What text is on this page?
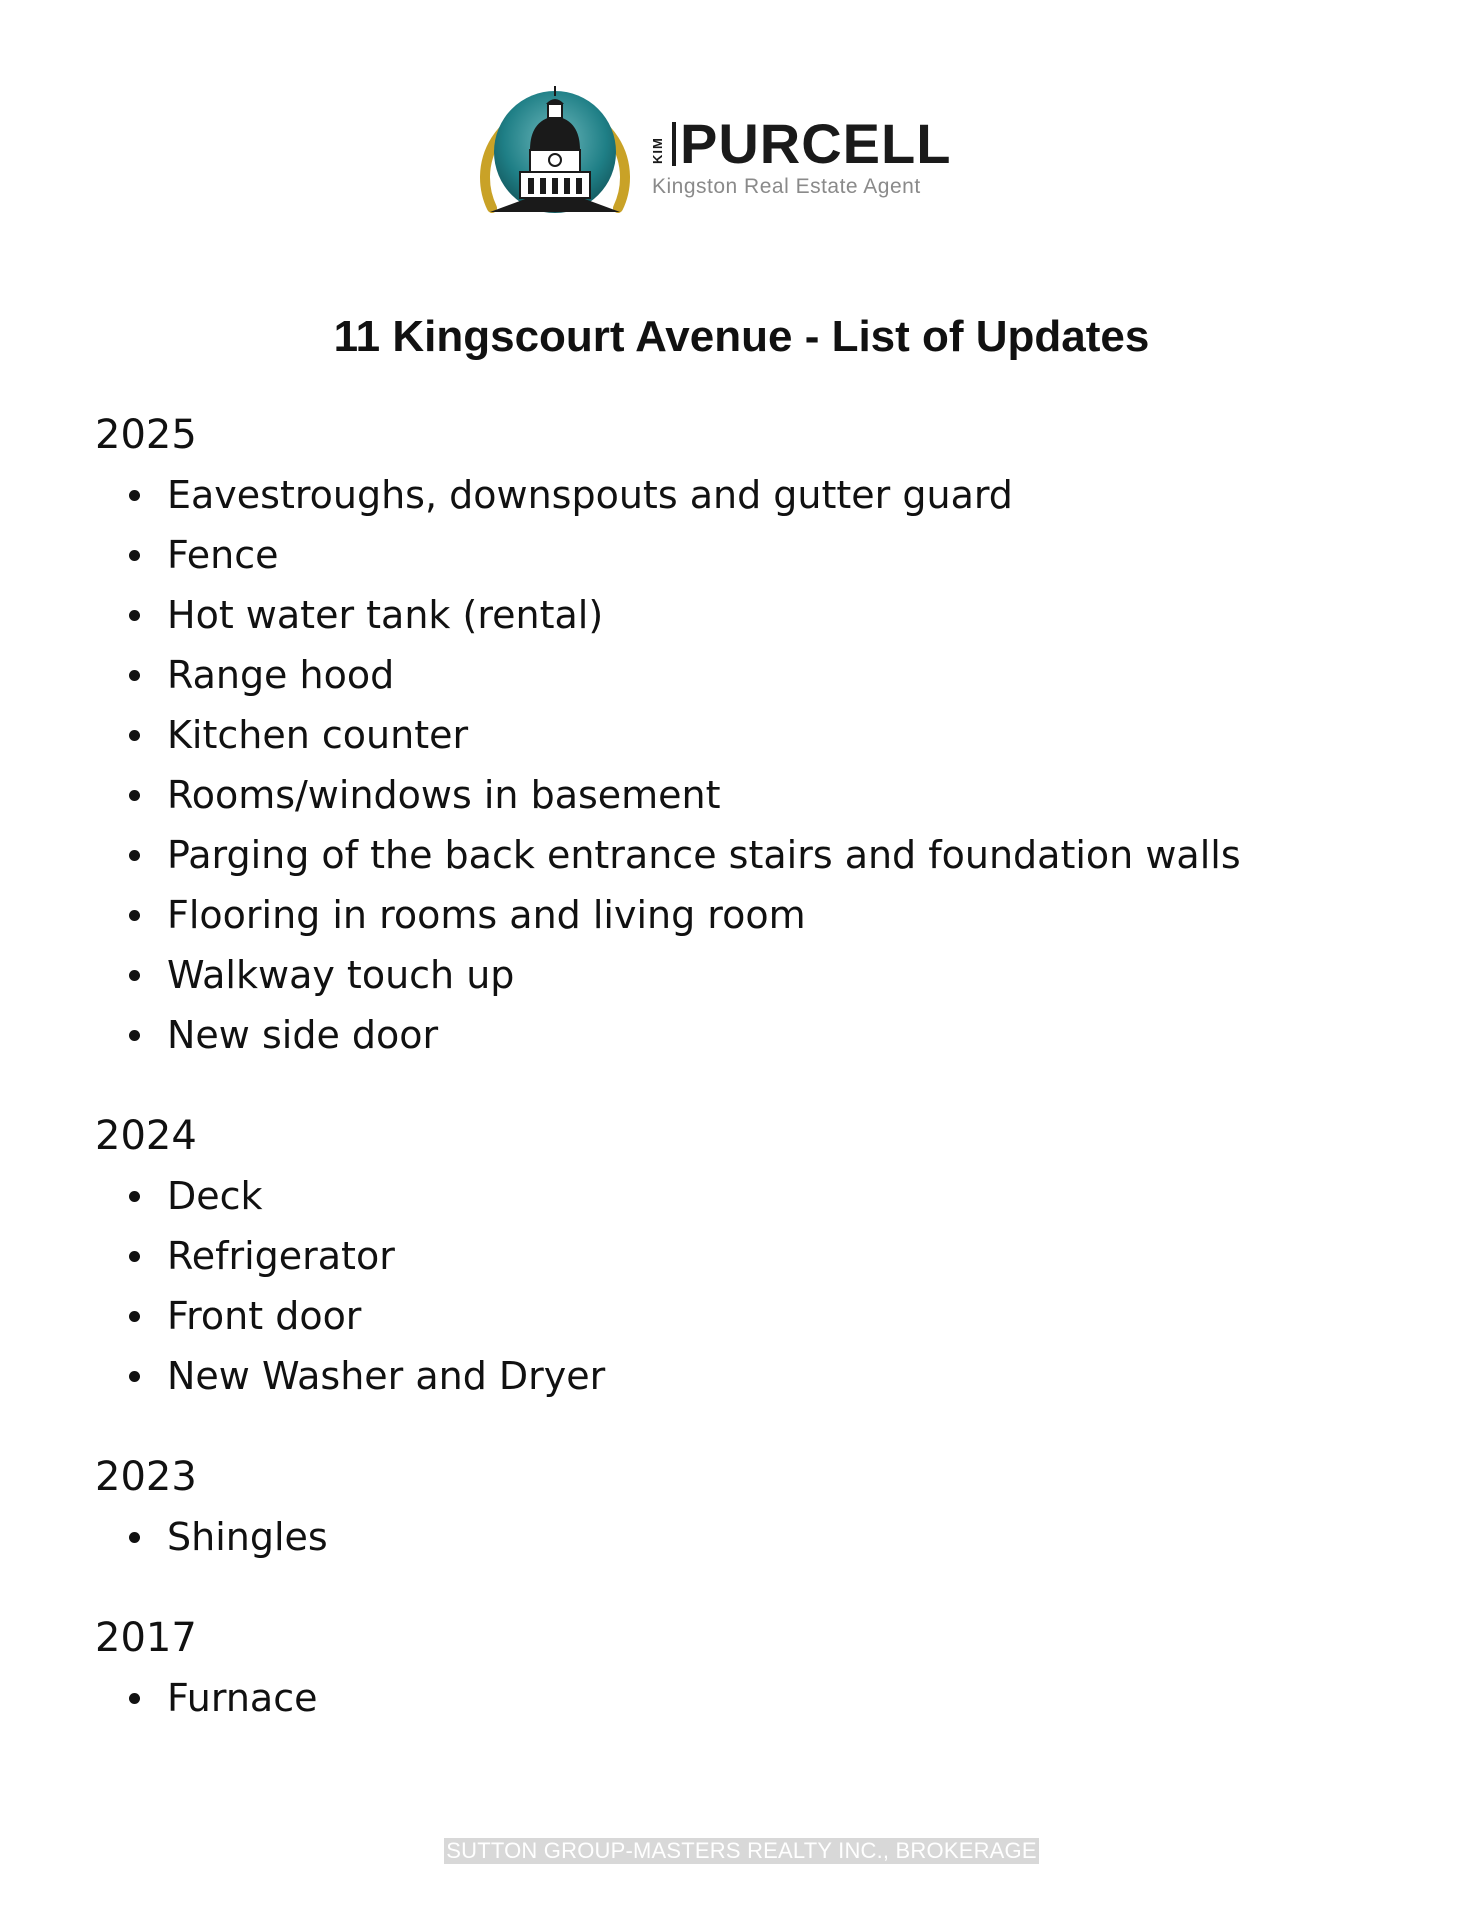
KIM PURCELL
Kingston Real Estate Agent
11 Kingscourt Avenue - List of Updates
2025
Eavestroughs, downspouts and gutter guard
Fence
Hot water tank (rental)
Range hood
Kitchen counter
Rooms/windows in basement
Parging of the back entrance stairs and foundation walls
Flooring in rooms and living room
Walkway touch up
New side door
2024
Deck
Refrigerator
Front door
New Washer and Dryer
2023
Shingles
2017
Furnace
SUTTON GROUP-MASTERS REALTY INC., BROKERAGE
